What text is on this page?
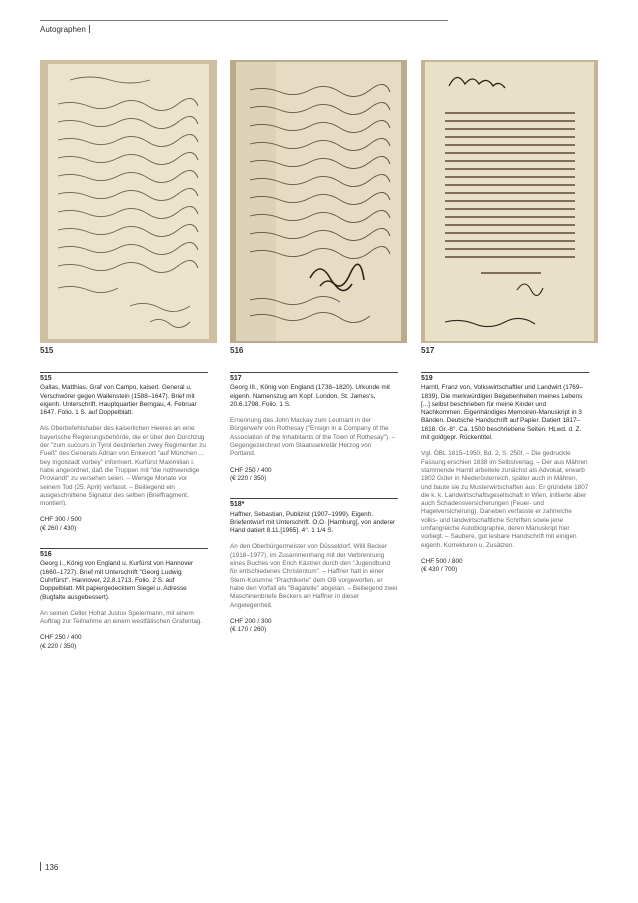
Autographen
515	516	517
515
Gallas, Matthias, Graf von Campo, kaiserl. General u. Verschwörer gegen Wallenstein (1588–1647). Brief mit eigenh. Unterschrift. Hauptquartier Berngau, 4. Februar 1647. Folio. 1 S. auf Doppelblatt.
Als Oberbefehlshaber des kaiserlichen Heeres an eine bayerische Regierungsbehörde, die er über den Durchzug der "zum succurs in Tyrol destinierten zwey Regimenter zu Fueß" des Generals Adrian von Enkevort "auf München ... bey Ingolstadt vorbey" informiert. Kurfürst Maximilian I. habe angeordnet, daß die Truppen mit "die nothwendige Proviandt" zu versehen seien. – Wenige Monate vor seinem Tod (25. April) verfasst. – Beiliegend ein ausgeschnittene Signatur des selben (Brieffragment, montiert).
CHF 300 / 500
(€ 260 / 430)
516
Georg I., König von England u. Kurfürst von Hannover (1660–1727). Brief mit Unterschrift "Georg Ludwig Cuhrfürst". Hannover, 22.8.1713. Folio. 2 S. auf Doppelblatt. Mit papiergedecktem Siegel u. Adresse (Bugfalte ausgebessert).
An seinen Celler Hofrat Justus Speiermann, mit einem Auftrag zur Teilnahme an einem westfälischen Grafentag.
CHF 250 / 400
(€ 220 / 350)
517
Georg III., König von England (1738–1820). Urkunde mit eigenh. Namenszug am Kopf. London, St. James's, 20.6.1798. Folio. 1 S.
Ernennung des John Mackay zum Leutnant in der Bürgerwehr von Rothesay ("Ensign in a Company of the Association of the Inhabitants of the Town of Rothesay"). – Gegengezeichnet vom Staatssekretär Herzog von Portland.
CHF 250 / 400
(€ 220 / 350)
518*
Haffner, Sebastian, Publizist (1907–1999). Eigenh. Briefentwurf mit Unterschrift. O.O. [Hamburg], von anderer Hand datiert 8.11.[1965]. 4°. 1 1/4 S.
An den Oberbürgermeister von Düsseldorf, Willi Becker (1918–1977), im Zusammenhang mit der Verbrennung eines Buches von Erich Kästner durch den "Jugendbund für entschiedenes Christentum". – Haffner hatt in einer Stern-Kolumne "Prachtkerle" dem OB vorgeworfen, er habe den Vorfall als "Bagatelle" abgetan. – Beiliegend zwei Maschinenbriefe Beckers an Haffner in dieser Angelegenheit.
CHF 200 / 300
(€ 170 / 260)
519
Harntl, Franz von, Volkswirtschaftler und Landwirt (1769–1839). Die merkwürdigen Begebenheiten meines Lebens [...] selbst beschrieben für meine Kinder und Nachkommen. Eigenhändiges Memoiren-Manuskript in 3 Bänden. Deutsche Handschrift auf Papier. Datiert 1817–1818. Gr.-8°. Ca. 1500 beschriebene Seiten. HLwd. d. Z. mit goldgepr. Rückentitel.
Vgl. ÖBL 1815–1950, Bd. 2, S. 250f. – Die gedruckte Fassung erschien 1838 im Selbstverlag. – Der aus Mähren stammende Harntl arbeitete zunächst als Advokat, erwarb 1802 Güter in Niederösterreich, später auch in Mähren, und baute sie zu Musterwirtschaften aus. Er gründete 1807 die k. k. Landwirtschaftsgesellschaft in Wien, initiierte aber auch Schadensversicherungen (Feuer- und Hagelversicherung). Daneben verfasste er zahlreiche volks- und landwirtschaftliche Schriften sowie jene umfangreiche Autobiographie, deren Manuskript hier vorliegt. – Saubere, gut lesbare Handschrift mit einigen eigenh. Korrekturen u. Zusätzen.
CHF 500 / 800
(€ 430 / 700)
136
